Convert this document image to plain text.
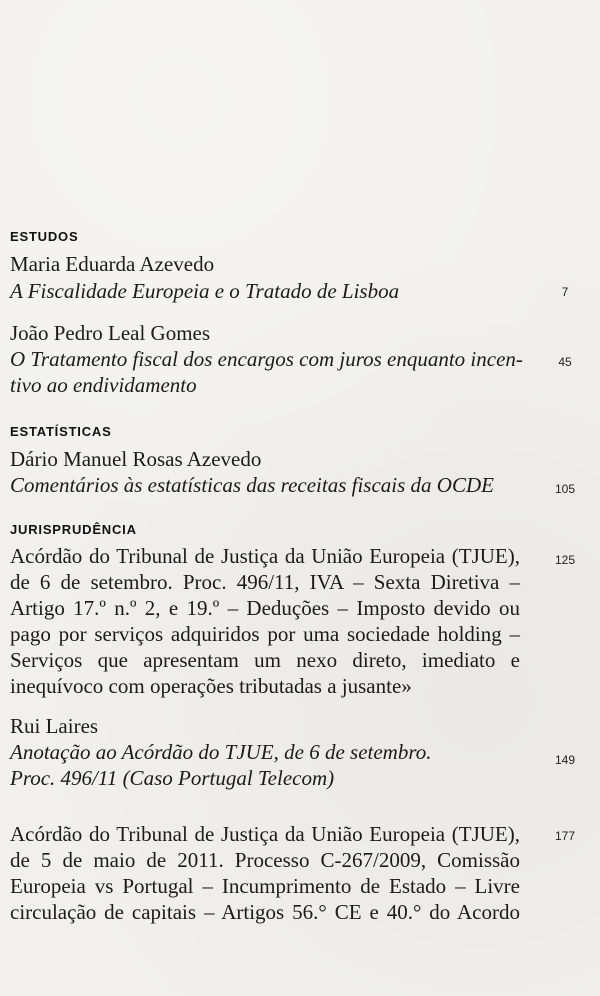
ESTUDOS
Maria Eduarda Azevedo
A Fiscalidade Europeia e o Tratado de Lisboa	7
João Pedro Leal Gomes
O Tratamento fiscal dos encargos com juros enquanto incen-
tivo ao endividamento
45
ESTATÍSTICAS
Dário Manuel Rosas Azevedo
Comentários às estatísticas das receitas fiscais da OCDE	105
JURISPRUDÊNCIA
Acórdão do Tribunal de Justiça da União Europeia (TJUE),
de 6 de setembro. Proc. 496/11, IVA – Sexta Diretiva –
Artigo 17.º n.º 2, e 19.º – Deduções – Imposto devido ou
pago por serviços adquiridos por uma sociedade holding –
Serviços que apresentam um nexo direto, imediato e
inequívoco com operações tributadas a jusante»
125
Rui Laires
Anotação ao Acórdão do TJUE, de 6 de setembro.
Proc. 496/11 (Caso Portugal Telecom)
149
Acórdão do Tribunal de Justiça da União Europeia (TJUE),
de 5 de maio de 2011. Processo C-267/2009, Comissão
Europeia vs Portugal – Incumprimento de Estado – Livre
circulação de capitais – Artigos 56.° CE e 40.° do Acordo
177
